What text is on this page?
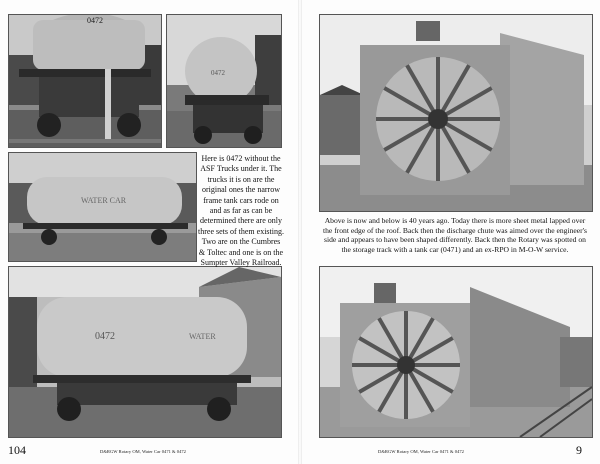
0472
0472
WATER CAR
0472	WATER

Here is 0472 without the ASF Trucks under it. The trucks it is on are the original ones the narrow frame tank cars rode on and as far as can be determined there are only three sets of them existing. Two are on the Cumbres & Toltec and one is on the Sumpter Valley Railroad.

104	D&RGW Rotary OM, Water Car 0471 & 0472

Above is now and below is 40 years ago. Today there is more sheet metal lapped over the front edge of the roof. Back then the discharge chute was aimed over the engineer's side and appears to have been shaped differently. Back then the Rotary was spotted on the storage track with a tank car (0471) and an ex-RPO in M-O-W service.

D&RGW Rotary OM, Water Car 0471 & 0472	9
